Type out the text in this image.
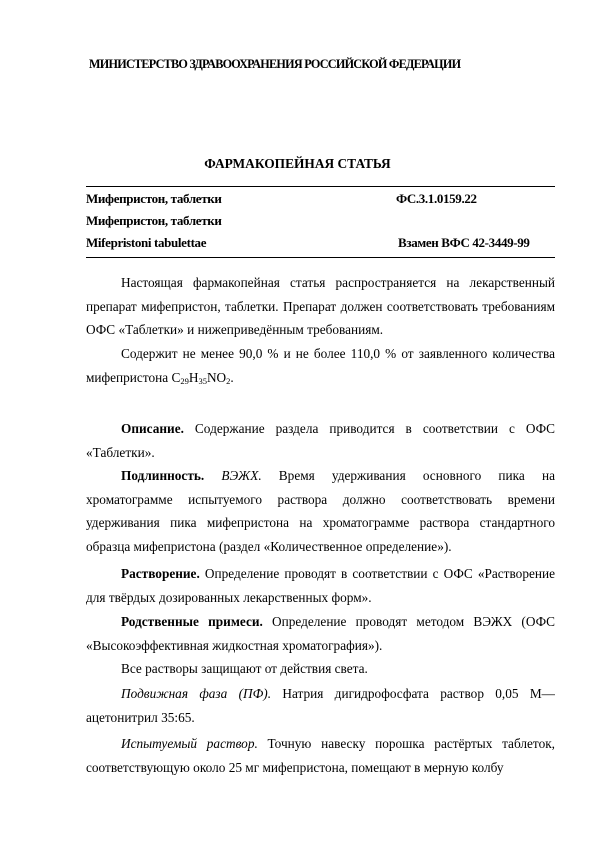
МИНИСТЕРСТВО ЗДРАВООХРАНЕНИЯ РОССИЙСКОЙ ФЕДЕРАЦИИ
ФАРМАКОПЕЙНАЯ СТАТЬЯ
Мифепристон, таблетки	ФС.3.1.0159.22
Мифепристон, таблетки
Mifepristoni tabulettae	Взамен ВФС 42-3449-99
Настоящая фармакопейная статья распространяется на лекарственный препарат мифепристон, таблетки. Препарат должен соответствовать требованиям ОФС «Таблетки» и нижеприведённым требованиям.
Содержит не менее 90,0 % и не более 110,0 % от заявленного количества мифепристона $C_{29}H_{35}NO_2$.
Описание. Содержание раздела приводится в соответствии с ОФС «Таблетки».
Подлинность. ВЭЖХ. Время удерживания основного пика на хроматограмме испытуемого раствора должно соответствовать времени удерживания пика мифепристона на хроматограмме раствора стандартного образца мифепристона (раздел «Количественное определение»).
Растворение. Определение проводят в соответствии с ОФС «Растворение для твёрдых дозированных лекарственных форм».
Родственные примеси. Определение проводят методом ВЭЖХ (ОФС «Высокоэффективная жидкостная хроматография»).
Все растворы защищают от действия света.
Подвижная фаза (ПФ). Натрия дигидрофосфата раствор 0,05 М—ацетонитрил 35:65.
Испытуемый раствор. Точную навеску порошка растёртых таблеток, соответствующую около 25 мг мифепристона, помещают в мерную колбу
